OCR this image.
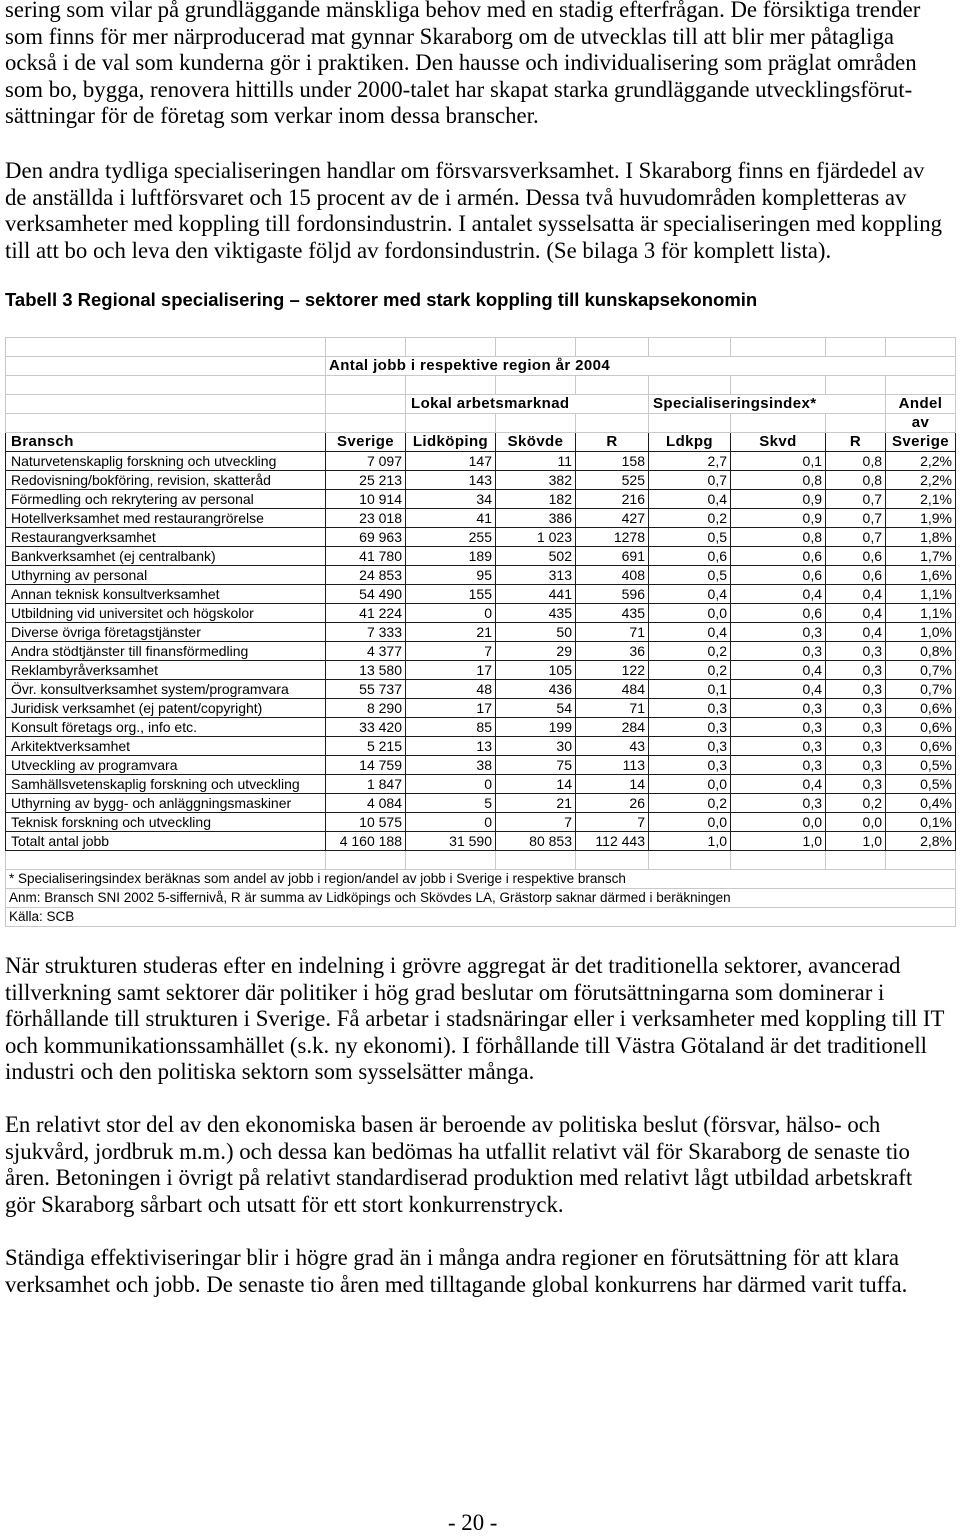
sering som vilar på grundläggande mänskliga behov med en stadig efterfrågan. De försiktiga trender
som finns för mer närproducerad mat gynnar Skaraborg om de utvecklas till att blir mer påtagliga
också i de val som kunderna gör i praktiken. Den hausse och individualisering som präglat områden
som bo, bygga, renovera hittills under 2000-talet har skapat starka grundläggande utvecklingsförut-
sättningar för de företag som verkar inom dessa branscher.
Den andra tydliga specialiseringen handlar om försvarsverksamhet. I Skaraborg finns en fjärdedel av
de anställda i luftförsvaret och 15 procent av de i armén. Dessa två huvudområden kompletteras av
verksamheter med koppling till fordonsindustrin. I antalet sysselsatta är specialiseringen med koppling
till att bo och leva den viktigaste följd av fordonsindustrin. (Se bilaga 3 för komplett lista).
Tabell 3 Regional specialisering – sektorer med stark koppling till kunskapsekonomin

	Antal jobb i respektive region år 2004							

		Lokal arbetsmarknad			Specialiseringsindex*			Andel
								av
Bransch	Sverige	Lidköping	Skövde	R	Ldkpg	Skvd	R	Sverige
Naturvetenskaplig forskning och utveckling	7 097	147	11	158	2,7	0,1	0,8	2,2%
Redovisning/bokföring, revision, skatteråd	25 213	143	382	525	0,7	0,8	0,8	2,2%
Förmedling och rekrytering av personal	10 914	34	182	216	0,4	0,9	0,7	2,1%
Hotellverksamhet med restaurangrörelse	23 018	41	386	427	0,2	0,9	0,7	1,9%
Restaurangverksamhet	69 963	255	1 023	1278	0,5	0,8	0,7	1,8%
Bankverksamhet (ej centralbank)	41 780	189	502	691	0,6	0,6	0,6	1,7%
Uthyrning av personal	24 853	95	313	408	0,5	0,6	0,6	1,6%
Annan teknisk konsultverksamhet	54 490	155	441	596	0,4	0,4	0,4	1,1%
Utbildning vid universitet och högskolor	41 224	0	435	435	0,0	0,6	0,4	1,1%
Diverse övriga företagstjänster	7 333	21	50	71	0,4	0,3	0,4	1,0%
Andra stödtjänster till finansförmedling	4 377	7	29	36	0,2	0,3	0,3	0,8%
Reklambyråverksamhet	13 580	17	105	122	0,2	0,4	0,3	0,7%
Övr. konsultverksamhet system/programvara	55 737	48	436	484	0,1	0,4	0,3	0,7%
Juridisk verksamhet (ej patent/copyright)	8 290	17	54	71	0,3	0,3	0,3	0,6%
Konsult företags org., info etc.	33 420	85	199	284	0,3	0,3	0,3	0,6%
Arkitektverksamhet	5 215	13	30	43	0,3	0,3	0,3	0,6%
Utveckling av programvara	14 759	38	75	113	0,3	0,3	0,3	0,5%
Samhällsvetenskaplig forskning och utveckling	1 847	0	14	14	0,0	0,4	0,3	0,5%
Uthyrning av bygg- och anläggningsmaskiner	4 084	5	21	26	0,2	0,3	0,2	0,4%
Teknisk forskning och utveckling	10 575	0	7	7	0,0	0,0	0,0	0,1%
Totalt antal jobb	4 160 188	31 590	80 853	112 443	1,0	1,0	1,0	2,8%

* Specialiseringsindex beräknas som andel av jobb i region/andel av jobb i Sverige i respektive bransch								
Anm: Bransch SNI 2002 5-siffernivå, R är summa av Lidköpings och Skövdes LA, Grästorp saknar därmed i beräkningen								
Källa: SCB								
När strukturen studeras efter en indelning i grövre aggregat är det traditionella sektorer, avancerad
tillverkning samt sektorer där politiker i hög grad beslutar om förutsättningarna som dominerar i
förhållande till strukturen i Sverige. Få arbetar i stadsnäringar eller i verksamheter med koppling till IT
och kommunikationssamhället (s.k. ny ekonomi). I förhållande till Västra Götaland är det traditionell
industri och den politiska sektorn som sysselsätter många.
En relativt stor del av den ekonomiska basen är beroende av politiska beslut (försvar, hälso- och
sjukvård, jordbruk m.m.) och dessa kan bedömas ha utfallit relativt väl för Skaraborg de senaste tio
åren. Betoningen i övrigt på relativt standardiserad produktion med relativt lågt utbildad arbetskraft
gör Skaraborg sårbart och utsatt för ett stort konkurrenstryck.
Ständiga effektiviseringar blir i högre grad än i många andra regioner en förutsättning för att klara
verksamhet och jobb. De senaste tio åren med tilltagande global konkurrens har därmed varit tuffa.
- 20 -
